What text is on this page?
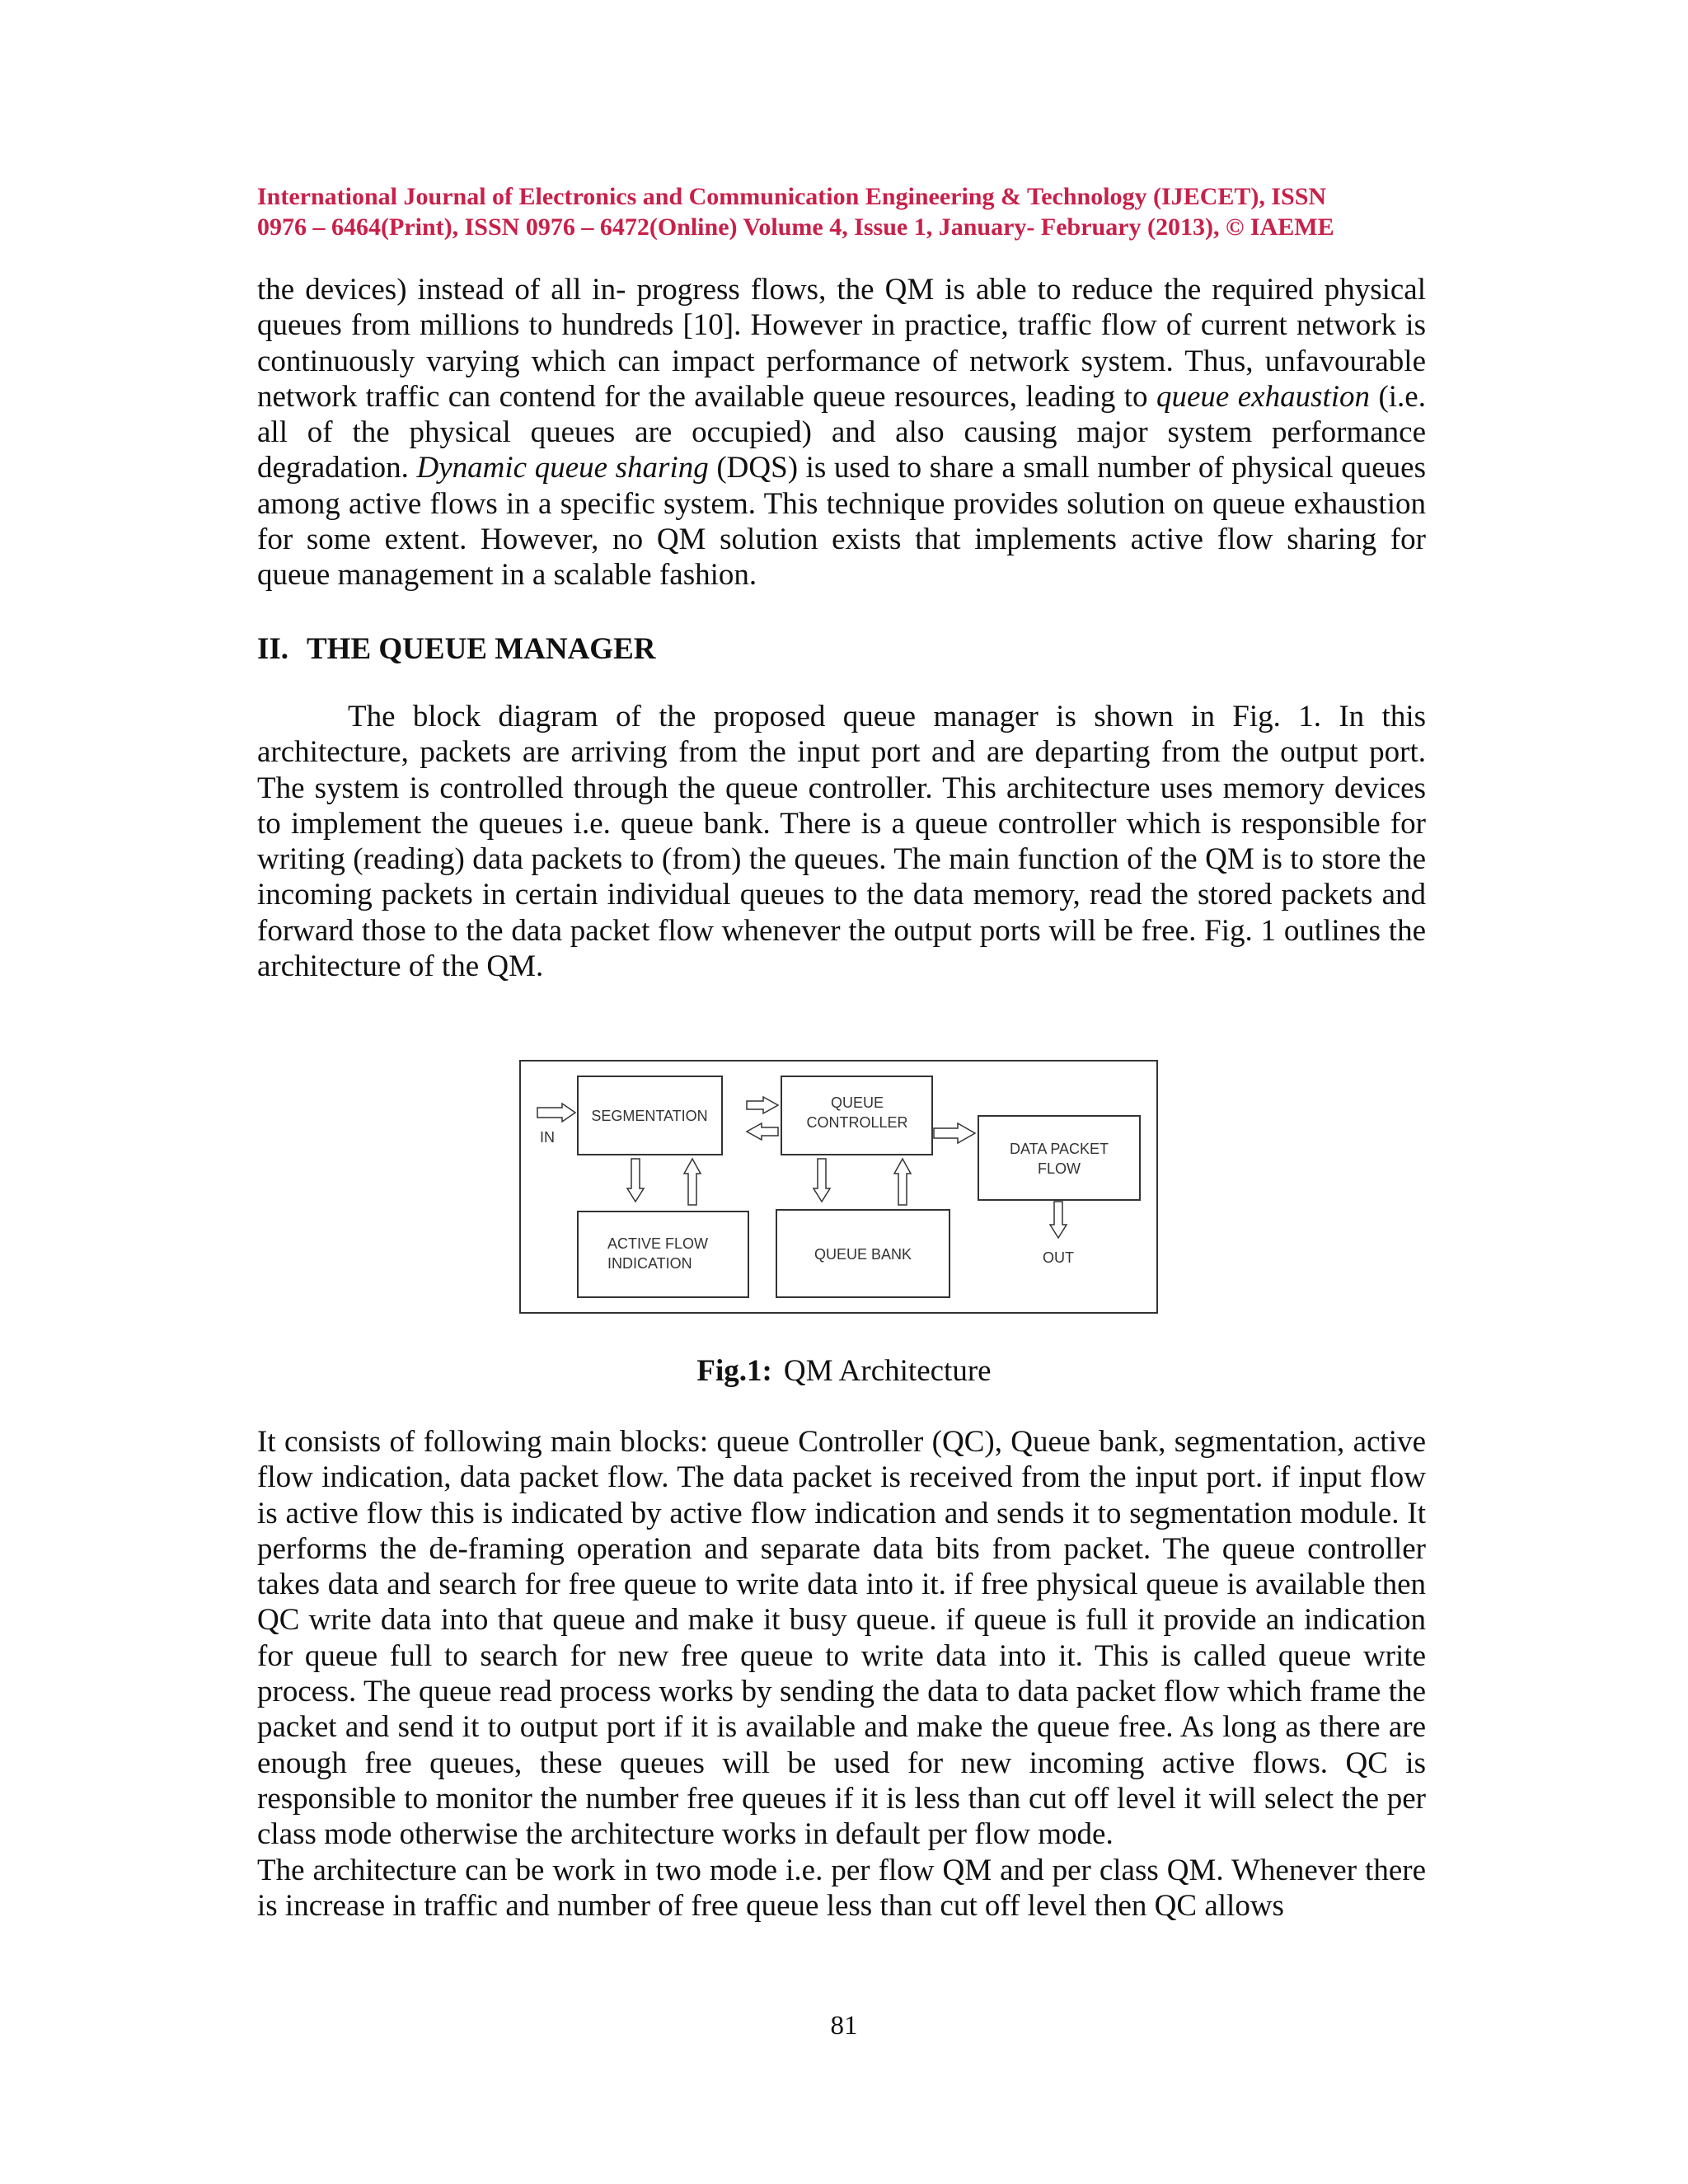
International Journal of Electronics and Communication Engineering & Technology (IJECET), ISSN
0976 – 6464(Print), ISSN 0976 – 6472(Online) Volume 4, Issue 1, January- February (2013), © IAEME

the devices) instead of all in- progress flows, the QM is able to reduce the required physical queues from millions to hundreds [10]. However in practice, traffic flow of current network is continuously varying which can impact performance of network system. Thus, unfavourable network traffic can contend for the available queue resources, leading to queue exhaustion (i.e. all of the physical queues are occupied) and also causing major system performance degradation. Dynamic queue sharing (DQS) is used to share a small number of physical queues among active flows in a specific system. This technique provides solution on queue exhaustion for some extent. However, no QM solution exists that implements active flow sharing for queue management in a scalable fashion.

II. THE QUEUE MANAGER

The block diagram of the proposed queue manager is shown in Fig. 1. In this architecture, packets are arriving from the input port and are departing from the output port. The system is controlled through the queue controller. This architecture uses memory devices to implement the queues i.e. queue bank. There is a queue controller which is responsible for writing (reading) data packets to (from) the queues. The main function of the QM is to store the incoming packets in certain individual queues to the data memory, read the stored packets and forward those to the data packet flow whenever the output ports will be free. Fig. 1 outlines the architecture of the QM.

SEGMENTATION
QUEUE
CONTROLLER
DATA PACKET
FLOW
ACTIVE FLOW
INDICATION
QUEUE BANK
IN
OUT
Fig.1: QM Architecture

It consists of following main blocks: queue Controller (QC), Queue bank, segmentation, active flow indication, data packet flow. The data packet is received from the input port. if input flow is active flow this is indicated by active flow indication and sends it to segmentation module. It performs the de-framing operation and separate data bits from packet. The queue controller takes data and search for free queue to write data into it. if free physical queue is available then QC write data into that queue and make it busy queue. if queue is full it provide an indication for queue full to search for new free queue to write data into it. This is called queue write process. The queue read process works by sending the data to data packet flow which frame the packet and send it to output port if it is available and make the queue free. As long as there are enough free queues, these queues will be used for new incoming active flows. QC is responsible to monitor the number free queues if it is less than cut off level it will select the per class mode otherwise the architecture works in default per flow mode.

The architecture can be work in two mode i.e. per flow QM and per class QM. Whenever there is increase in traffic and number of free queue less than cut off level then QC allows

81
